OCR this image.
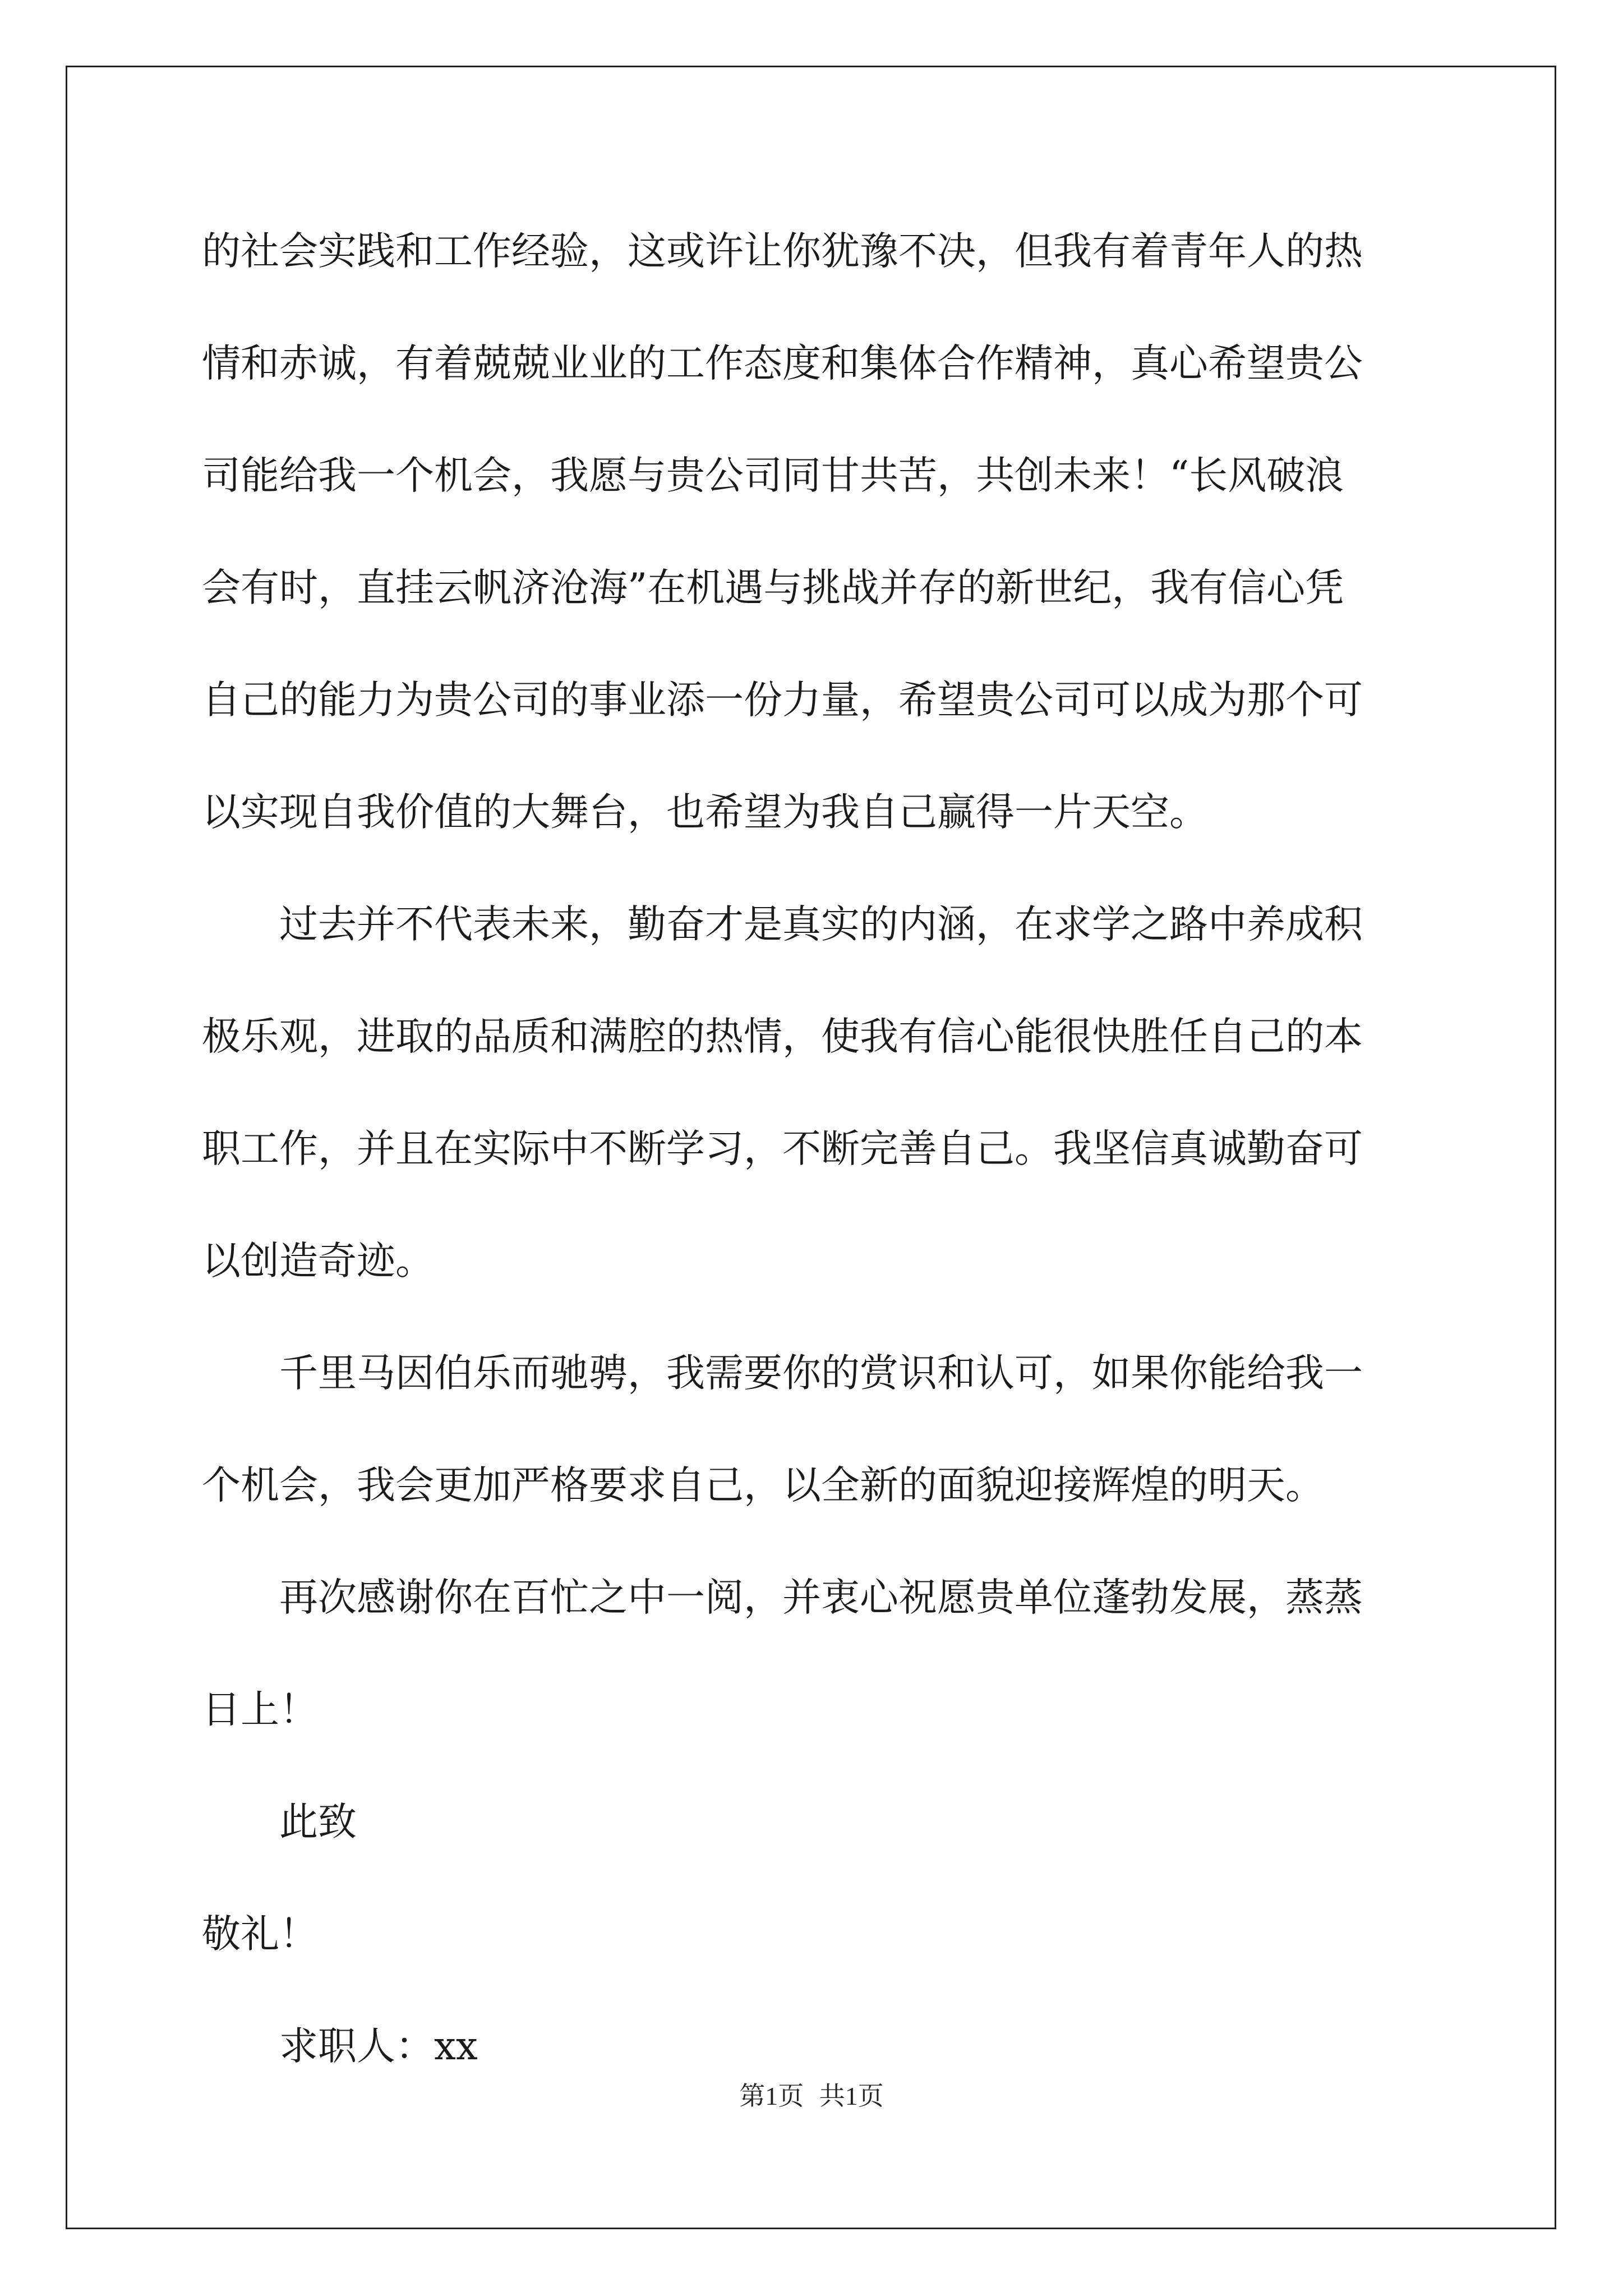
的社会实践和工作经验，这或许让你犹豫不决，但我有着青年人的热

情和赤诚，有着兢兢业业的工作态度和集体合作精神，真心希望贵公

司能给我一个机会，我愿与贵公司同甘共苦，共创未来！“长风破浪

会有时，直挂云帆济沧海”在机遇与挑战并存的新世纪，我有信心凭

自己的能力为贵公司的事业添一份力量，希望贵公司可以成为那个可

以实现自我价值的大舞台，也希望为我自己赢得一片天空。

　　过去并不代表未来，勤奋才是真实的内涵，在求学之路中养成积

极乐观，进取的品质和满腔的热情，使我有信心能很快胜任自己的本

职工作，并且在实际中不断学习，不断完善自己。我坚信真诚勤奋可

以创造奇迹。

　　千里马因伯乐而驰骋，我需要你的赏识和认可，如果你能给我一

个机会，我会更加严格要求自己，以全新的面貌迎接辉煌的明天。

　　再次感谢你在百忙之中一阅，并衷心祝愿贵单位蓬勃发展，蒸蒸

日上！

　　此致

敬礼！

　　求职人：xx

第1页 共1页
